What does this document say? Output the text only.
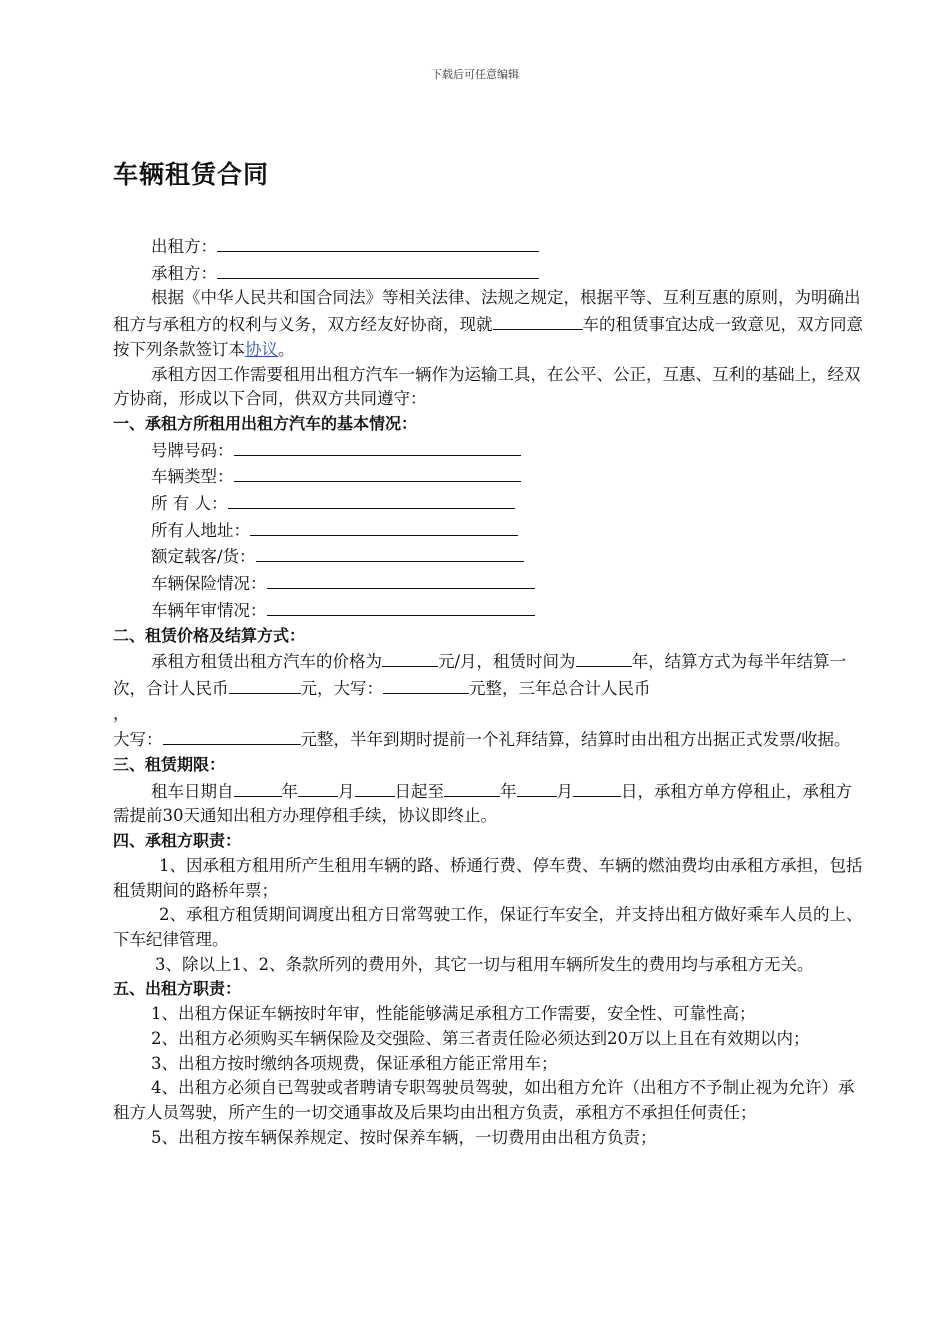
下载后可任意编辑
车辆租赁合同

出租方：

承租方：

根据《中华人民共和国合同法》等相关法律、法规之规定，根据平等、互利互惠的原则，为明确出租方与承租方的权利与义务，双方经友好协商，现就	车的租赁事宜达成一致意见，双方同意按下列条款签订本协议。

承租方因工作需要租用出租方汽车一辆作为运输工具，在公平、公正，互惠、互利的基础上，经双方协商，形成以下合同，供双方共同遵守：

一、承租方所租用出租方汽车的基本情况：

号牌号码：

车辆类型：

所 有 人：

所有人地址：

额定载客/货：

车辆保险情况：

车辆年审情况：

二、租赁价格及结算方式：

承租方租赁出租方汽车的价格为	元/月，租赁时间为	年，结算方式为每半年结算一次，合计人民币	元，大写：	元整，三年总合计人民币
，

大写：	元整，半年到期时提前一个礼拜结算，结算时由出租方出据正式发票/收据。

三、租赁期限：

租车日期自	年 月 日起至	年 月	日，承租方单方停租止，承租方需提前30天通知出租方办理停租手续，协议即终止。

四、承租方职责：

1、因承租方租用所产生租用车辆的路、桥通行费、停车费、车辆的燃油费均由承租方承担，包括租赁期间的路桥年票；

2、承租方租赁期间调度出租方日常驾驶工作，保证行车安全，并支持出租方做好乘车人员的上、下车纪律管理。

3、除以上1、2、条款所列的费用外，其它一切与租用车辆所发生的费用均与承租方无关。

五、出租方职责：

1、出租方保证车辆按时年审，性能能够满足承租方工作需要，安全性、可靠性高；

2、出租方必须购买车辆保险及交强险、第三者责任险必须达到20万以上且在有效期以内；

3、出租方按时缴纳各项规费，保证承租方能正常用车；

4、出租方必须自已驾驶或者聘请专职驾驶员驾驶，如出租方允许（出租方不予制止视为允许）承租方人员驾驶，所产生的一切交通事故及后果均由出租方负责，承租方不承担任何责任；

5、出租方按车辆保养规定、按时保养车辆，一切费用由出租方负责；
